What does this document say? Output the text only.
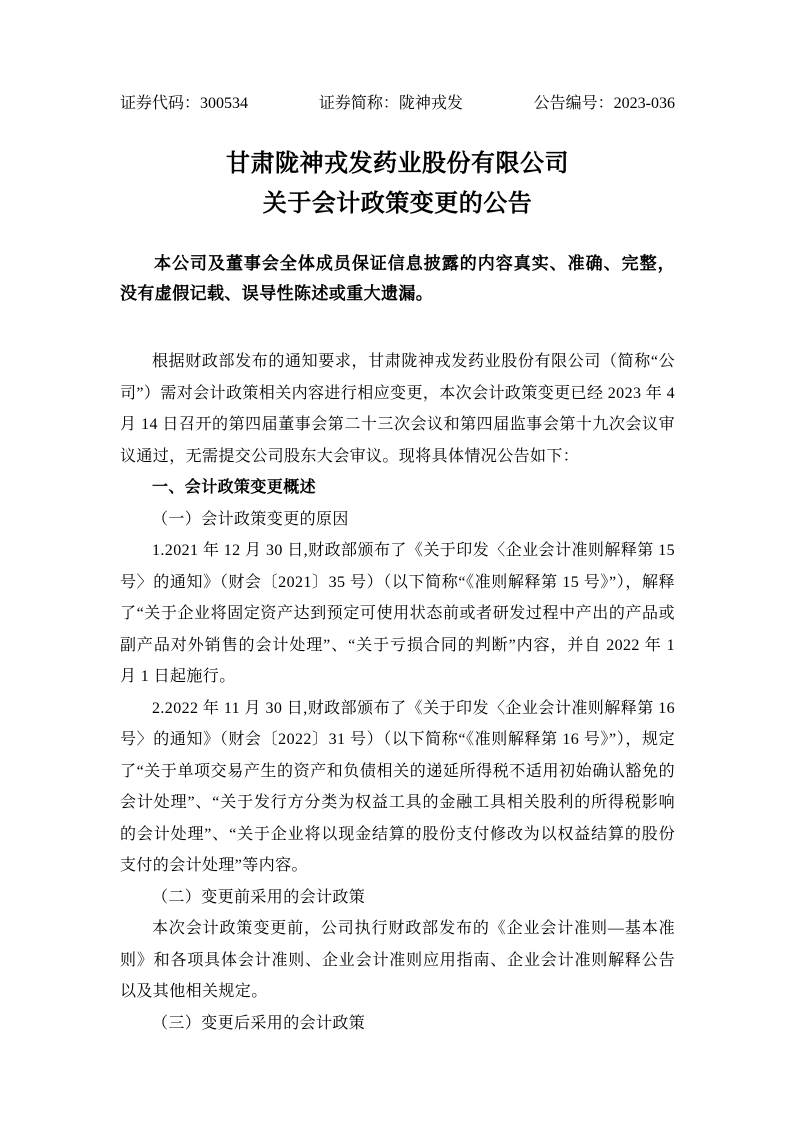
证券代码：300534	证券简称：陇神戎发	公告编号：2023-036
甘肃陇神戎发药业股份有限公司
关于会计政策变更的公告
本公司及董事会全体成员保证信息披露的内容真实、准确、完整，没有虚假记载、误导性陈述或重大遗漏。
根据财政部发布的通知要求，甘肃陇神戎发药业股份有限公司（简称“公司”）需对会计政策相关内容进行相应变更，本次会计政策变更已经 2023 年 4 月 14 日召开的第四届董事会第二十三次会议和第四届监事会第十九次会议审议通过，无需提交公司股东大会审议。现将具体情况公告如下：
一、会计政策变更概述
（一）会计政策变更的原因
1.2021 年 12 月 30 日,财政部颁布了《关于印发〈企业会计准则解释第 15 号〉的通知》（财会〔2021〕35 号）（以下简称“《准则解释第 15 号》”），解释了“关于企业将固定资产达到预定可使用状态前或者研发过程中产出的产品或副产品对外销售的会计处理”、“关于亏损合同的判断”内容，并自 2022 年 1 月 1 日起施行。
2.2022 年 11 月 30 日,财政部颁布了《关于印发〈企业会计准则解释第 16 号〉的通知》（财会〔2022〕31 号）（以下简称“《准则解释第 16 号》”），规定了“关于单项交易产生的资产和负债相关的递延所得税不适用初始确认豁免的会计处理”、“关于发行方分类为权益工具的金融工具相关股利的所得税影响的会计处理”、“关于企业将以现金结算的股份支付修改为以权益结算的股份支付的会计处理”等内容。
（二）变更前采用的会计政策
本次会计政策变更前，公司执行财政部发布的《企业会计准则—基本准则》和各项具体会计准则、企业会计准则应用指南、企业会计准则解释公告以及其他相关规定。
（三）变更后采用的会计政策
